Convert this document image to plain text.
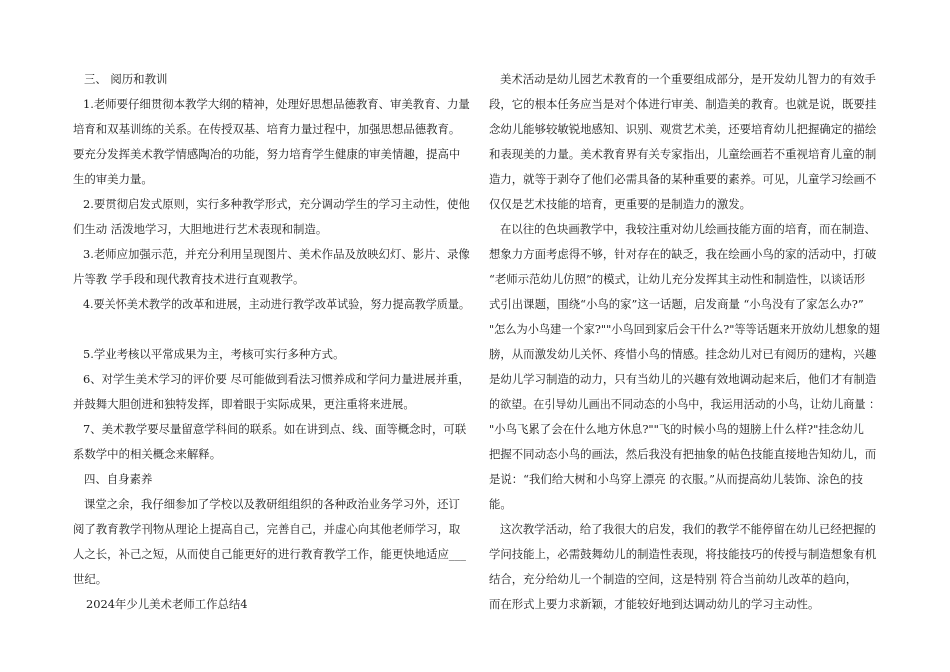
三、 阅历和教训
1.老师要仔细贯彻本教学大纲的精神，处理好思想品德教育、审美教育、力量
培育和双基训练的关系。在传授双基、培育力量过程中，加强思想品德教育。
要充分发挥美术教学情感陶冶的功能，努力培育学生健康的审美情趣，提高中
生的审美力量。
2.要贯彻启发式原则，实行多种教学形式，充分调动学生的学习主动性，使他
们生动 活泼地学习，大胆地进行艺术表现和制造。
3.老师应加强示范，并充分利用呈现图片、美术作品及放映幻灯、影片、录像
片等教 学手段和现代教育技术进行直观教学。
4.要关怀美术教学的改革和进展，主动进行教学改革试验，努力提高教学质量。
5.学业考核以平常成果为主，考核可实行多种方式。
6、对学生美术学习的评价要 尽可能做到看法习惯养成和学问力量进展并重，
并鼓舞大胆创进和独特发挥，即着眼于实际成果，更注重将来进展。
7、美术教学要尽量留意学科间的联系。如在讲到点、线、面等概念时，可联
系数学中的相关概念来解释。
四、自身素养
课堂之余，我仔细参加了学校以及教研组组织的各种政治业务学习外，还订
阅了教育教学刊物从理论上提高自己，完善自己，并虚心向其他老师学习，取
人之长，补己之短，从而使自己能更好的进行教育教学工作，能更快地适应___
世纪。
2024年少儿美术老师工作总结4
美术活动是幼儿园艺术教育的一个重要组成部分，是开发幼儿智力的有效手
段，它的根本任务应当是对个体进行审美、制造美的教育。也就是说，既要挂
念幼儿能够较敏锐地感知、识别、观赏艺术美，还要培育幼儿把握确定的描绘
和表现美的力量。美术教育界有关专家指出，儿童绘画若不重视培育儿童的制
造力，就等于剥夺了他们必需具备的某种重要的素养。可见，儿童学习绘画不
仅仅是艺术技能的培育，更重要的是制造力的激发。
在以往的色块画教学中，我较注重对幼儿绘画技能方面的培育，而在制造、
想象力方面考虑得不够，针对存在的缺乏，我在绘画小鸟的家的活动中，打破
“老师示范幼儿仿照”的模式，让幼儿充分发挥其主动性和制造性，以谈话形
式引出课题，围绕“小鸟的家”这一话题，启发商量 “小鸟没有了家怎么办?”
"怎么为小鸟建一个家?""小鸟回到家后会干什么?"等等话题来开放幼儿想象的翅
膀，从而激发幼儿关怀、疼惜小鸟的情感。挂念幼儿对已有阅历的建构，兴趣
是幼儿学习制造的动力，只有当幼儿的兴趣有效地调动起来后，他们才有制造
的欲望。在引导幼儿画出不同动态的小鸟中，我运用活动的小鸟，让幼儿商量 ：
"小鸟飞累了会在什么地方休息?""飞的时候小鸟的翅膀上什么样?"挂念幼儿
把握不同动态小鸟的画法，然后我没有把抽象的帖色技能直接地告知幼儿，而
是说：“我们给大树和小鸟穿上漂亮 的衣服。”从而提高幼儿装饰、涂色的技
能。
这次教学活动，给了我很大的启发，我们的教学不能停留在幼儿已经把握的
学问技能上，必需鼓舞幼儿的制造性表现，将技能技巧的传授与制造想象有机
结合，充分给幼儿一个制造的空间，这是特别 符合当前幼儿改革的趋向，
而在形式上要力求新颖，才能较好地到达调动幼儿的学习主动性。
